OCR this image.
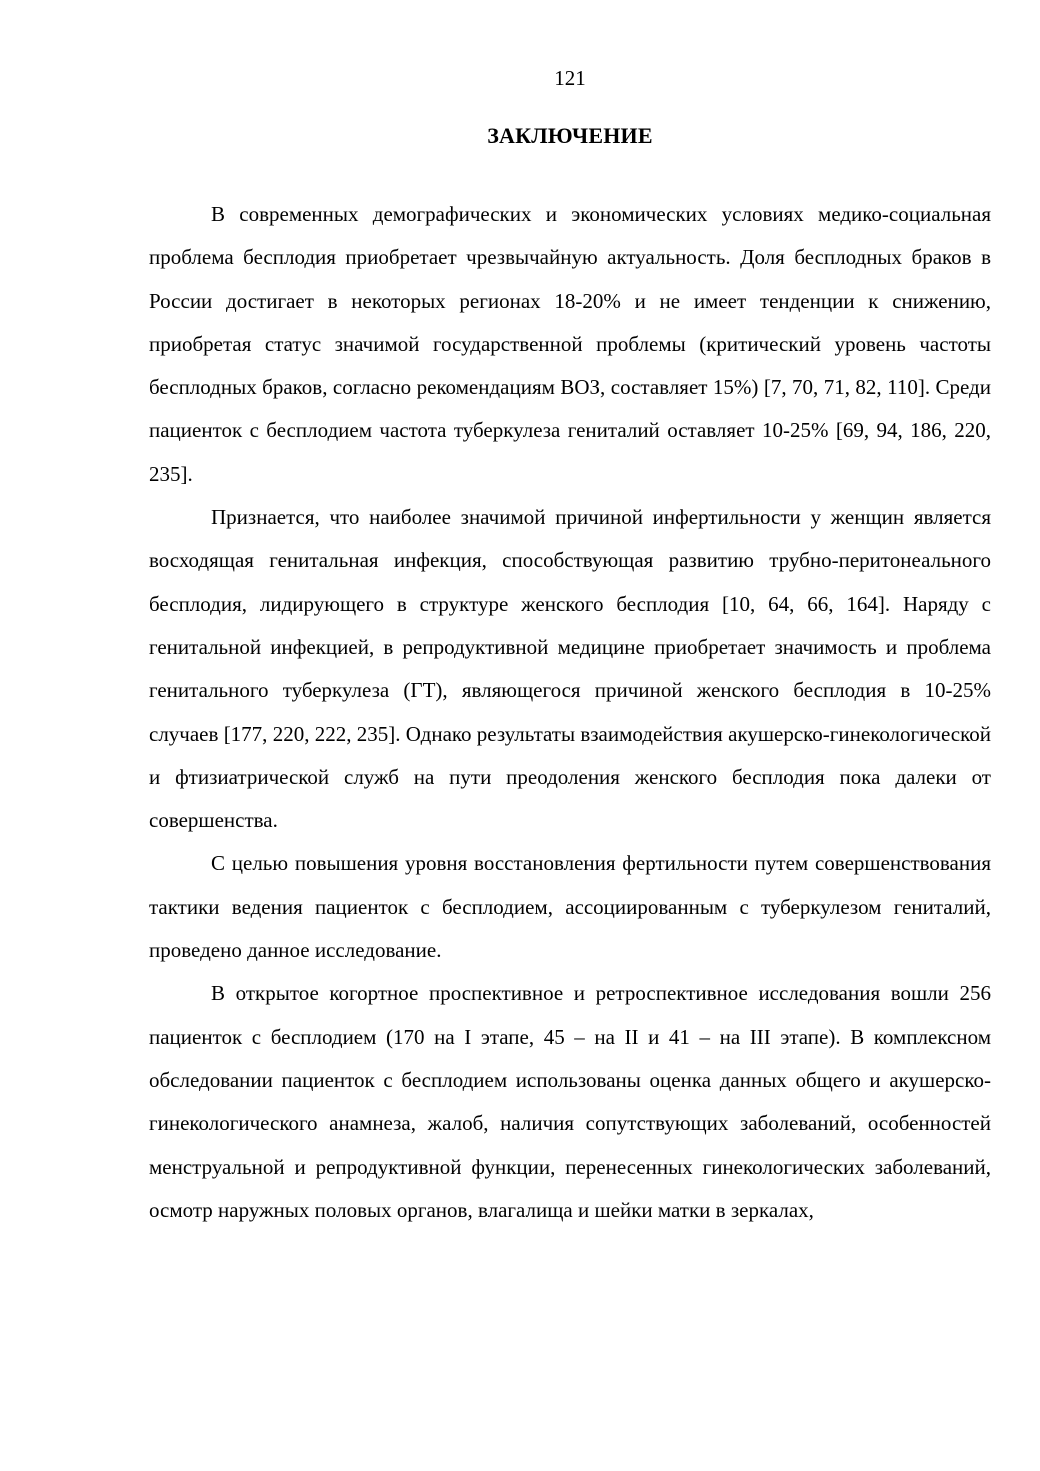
121
ЗАКЛЮЧЕНИЕ

В современных демографических и экономических условиях медико-социальная проблема бесплодия приобретает чрезвычайную актуальность. Доля бесплодных браков в России достигает в некоторых регионах 18-20% и не имеет тенденции к снижению, приобретая статус значимой государственной проблемы (критический уровень частоты бесплодных браков, согласно рекомендациям ВОЗ, составляет 15%) [7, 70, 71, 82, 110]. Среди пациенток с бесплодием частота туберкулеза гениталий оставляет 10-25% [69, 94, 186, 220, 235].

Признается, что наиболее значимой причиной инфертильности у женщин является восходящая генитальная инфекция, способствующая развитию трубно-перитонеального бесплодия, лидирующего в структуре женского бесплодия [10, 64, 66, 164]. Наряду с генитальной инфекцией, в репродуктивной медицине приобретает значимость и проблема генитального туберкулеза (ГТ), являющегося причиной женского бесплодия в 10-25% случаев [177, 220, 222, 235]. Однако результаты взаимодействия акушерско-гинекологической и фтизиатрической служб на пути преодоления женского бесплодия пока далеки от совершенства.

С целью повышения уровня восстановления фертильности путем совершенствования тактики ведения пациенток с бесплодием, ассоциированным с туберкулезом гениталий, проведено данное исследование.

В открытое когортное проспективное и ретроспективное исследования вошли 256 пациенток с бесплодием (170 на I этапе, 45 – на II и 41 – на III этапе). В комплексном обследовании пациенток с бесплодием использованы оценка данных общего и акушерско-гинекологического анамнеза, жалоб, наличия сопутствующих заболеваний, особенностей менструальной и репродуктивной функции, перенесенных гинекологических заболеваний, осмотр наружных половых органов, влагалища и шейки матки в зеркалах,
